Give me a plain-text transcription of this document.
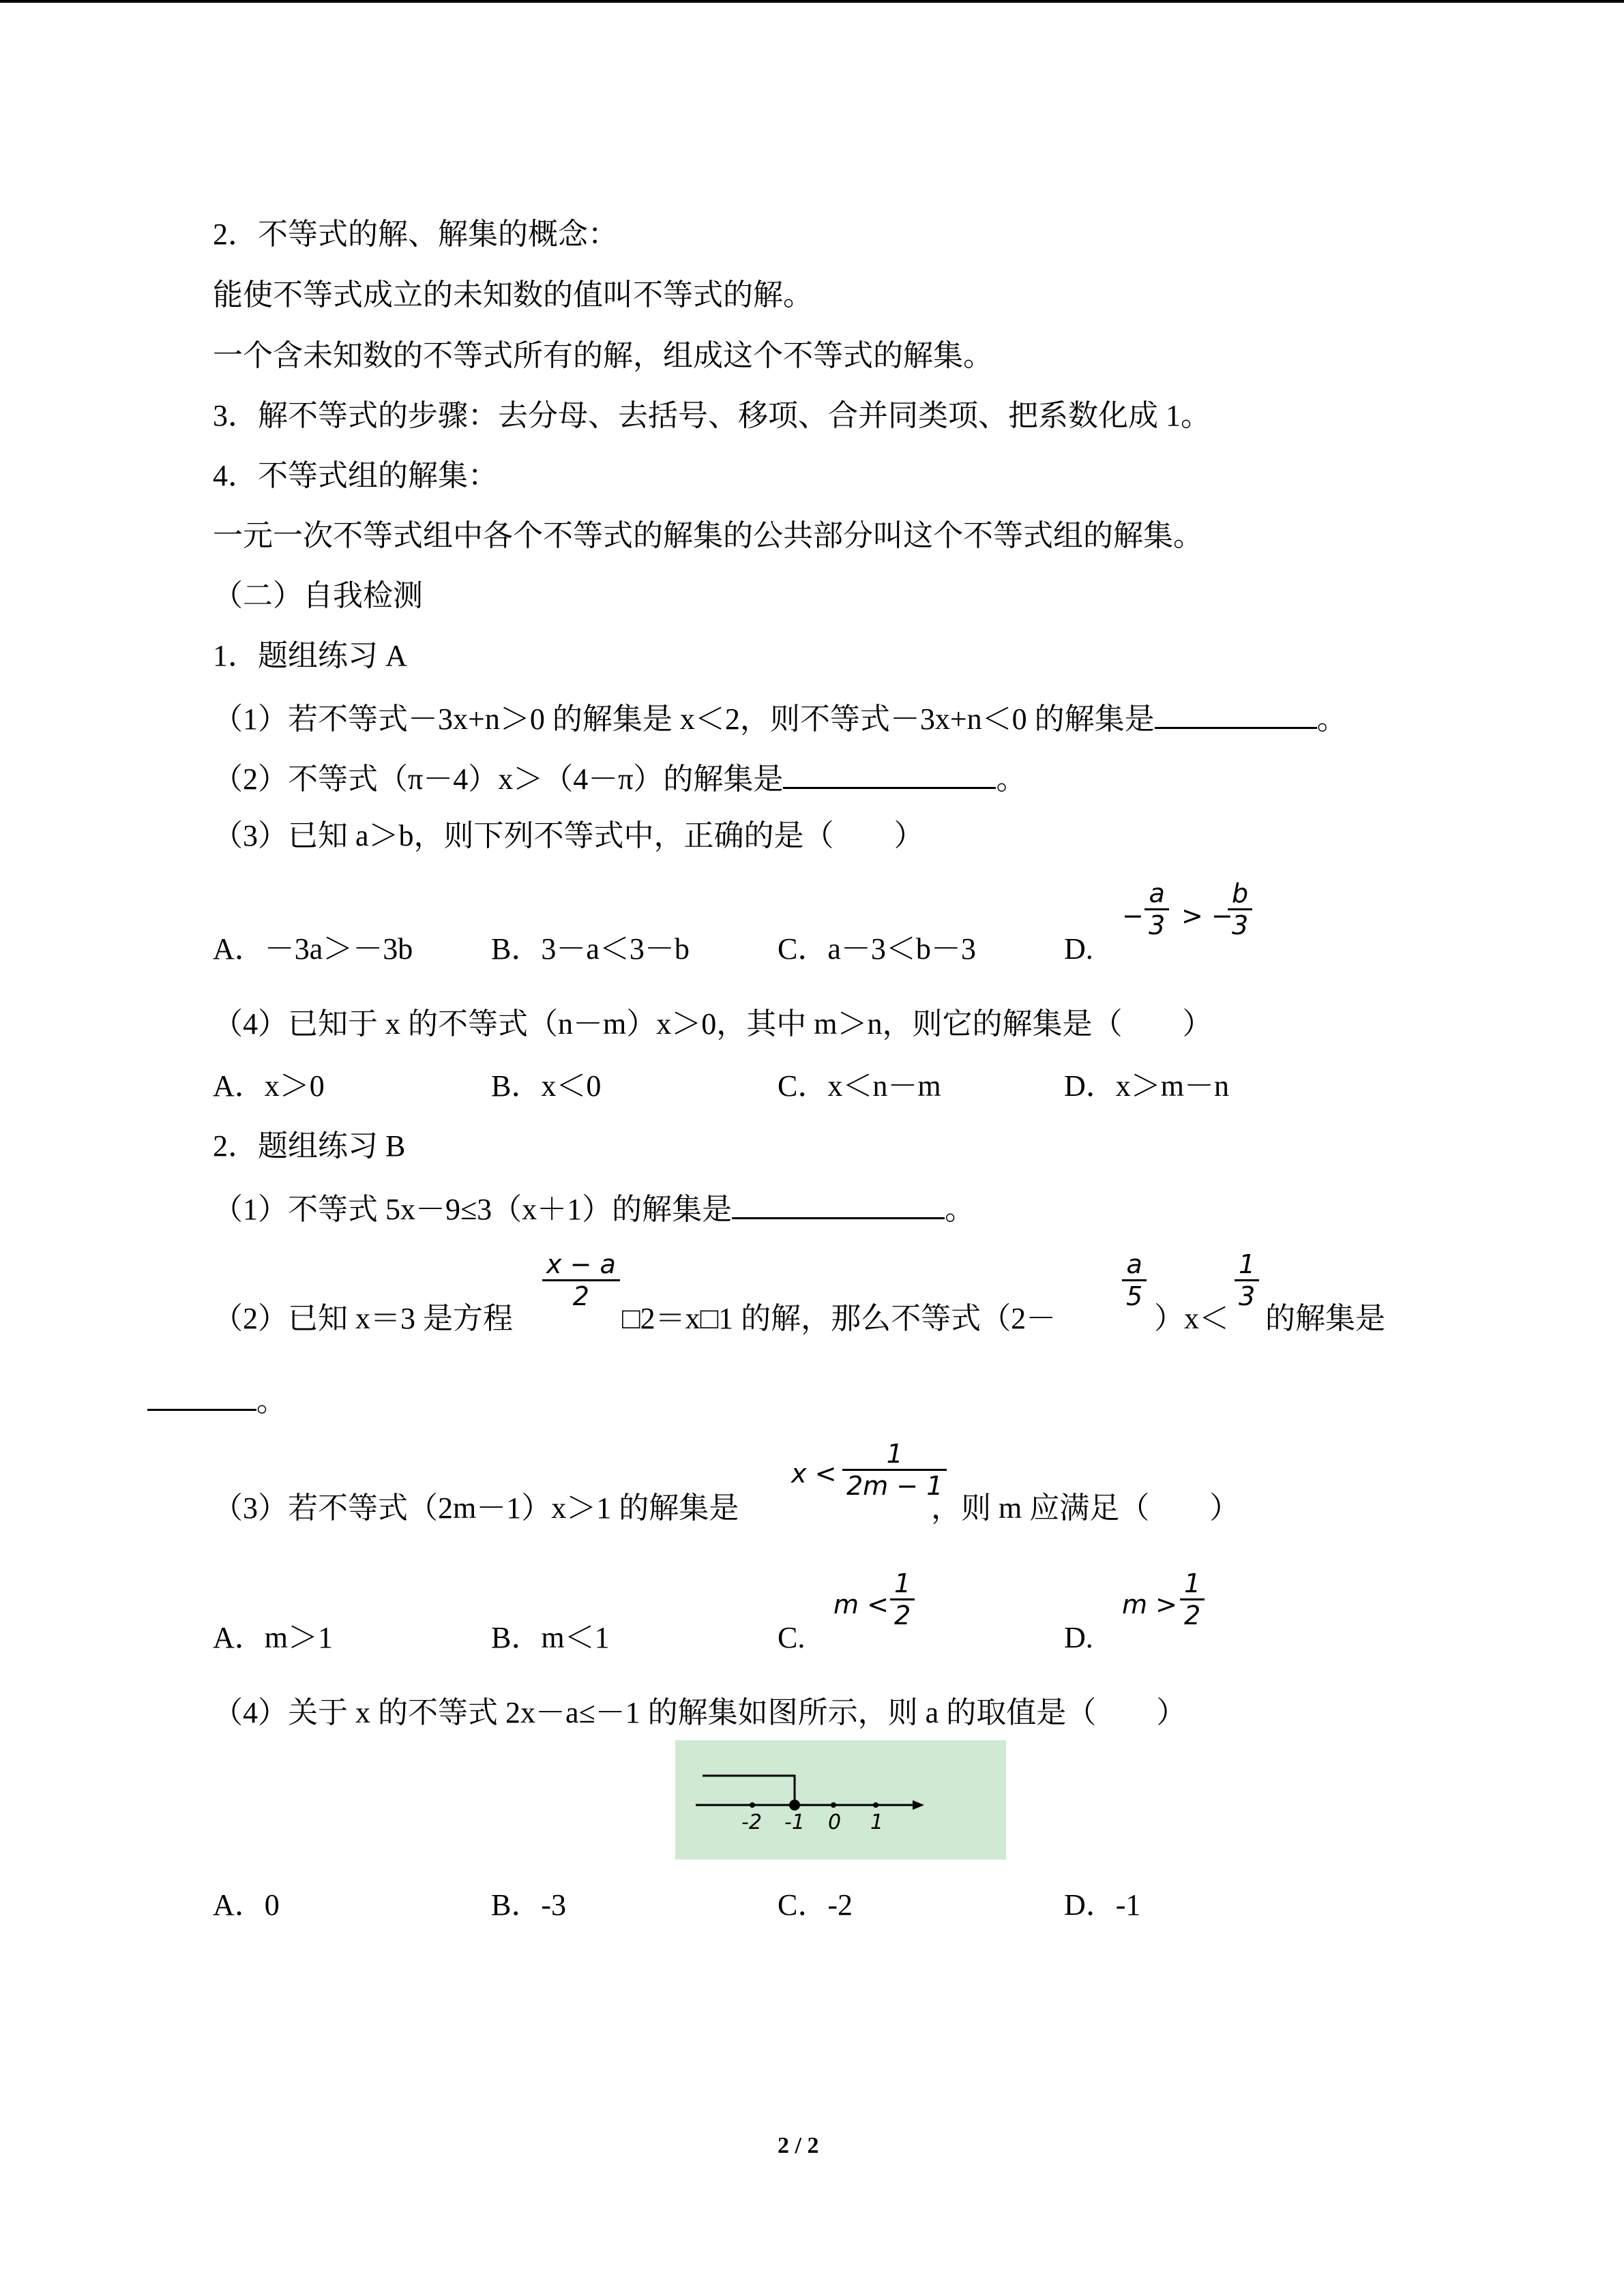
2．不等式的解、解集的概念：
能使不等式成立的未知数的值叫不等式的解。
一个含未知数的不等式所有的解，组成这个不等式的解集。
3．解不等式的步骤：去分母、去括号、移项、合并同类项、把系数化成 1。
4．不等式组的解集：
一元一次不等式组中各个不等式的解集的公共部分叫这个不等式组的解集。
（二）自我检测
1．题组练习 A
（1）若不等式－3x+n＞0 的解集是 x＜2，则不等式－3x+n＜0 的解集是	。
（2）不等式（π－4）x＞（4－π）的解集是	。
（3）已知 a＞b，则下列不等式中，正确的是（　　）
A．－3a＞－3b	B．3－a＜3－b	C．a－3＜b－3	D.
−
a
3 > −
b
3
（4）已知于 x 的不等式（n－m）x＞0，其中 m＞n，则它的解集是（　　）
A．x＞0	B．x＜0	C．x＜n－m	D．x＞m－n
2．题组练习 B
（1）不等式 5x－9≤3（x＋1）的解集是	。
（2）已知 x＝3 是方程
x − a
2
□2＝x□1 的解，那么不等式（2－
a
5
）x＜
1
3
的解集是
。
（3）若不等式（2m－1）x＞1 的解集是
x <
1
2m − 1
，则 m 应满足（　　）
A．m＞1	B．m＜1	C.
m <
1
2
D.
m >
1
2
（4）关于 x 的不等式 2x－a≤－1 的解集如图所示，则 a 的取值是（　　）
-2 -1 0 1
A．0	B．-3	C．-2	D．-1
2 / 2
